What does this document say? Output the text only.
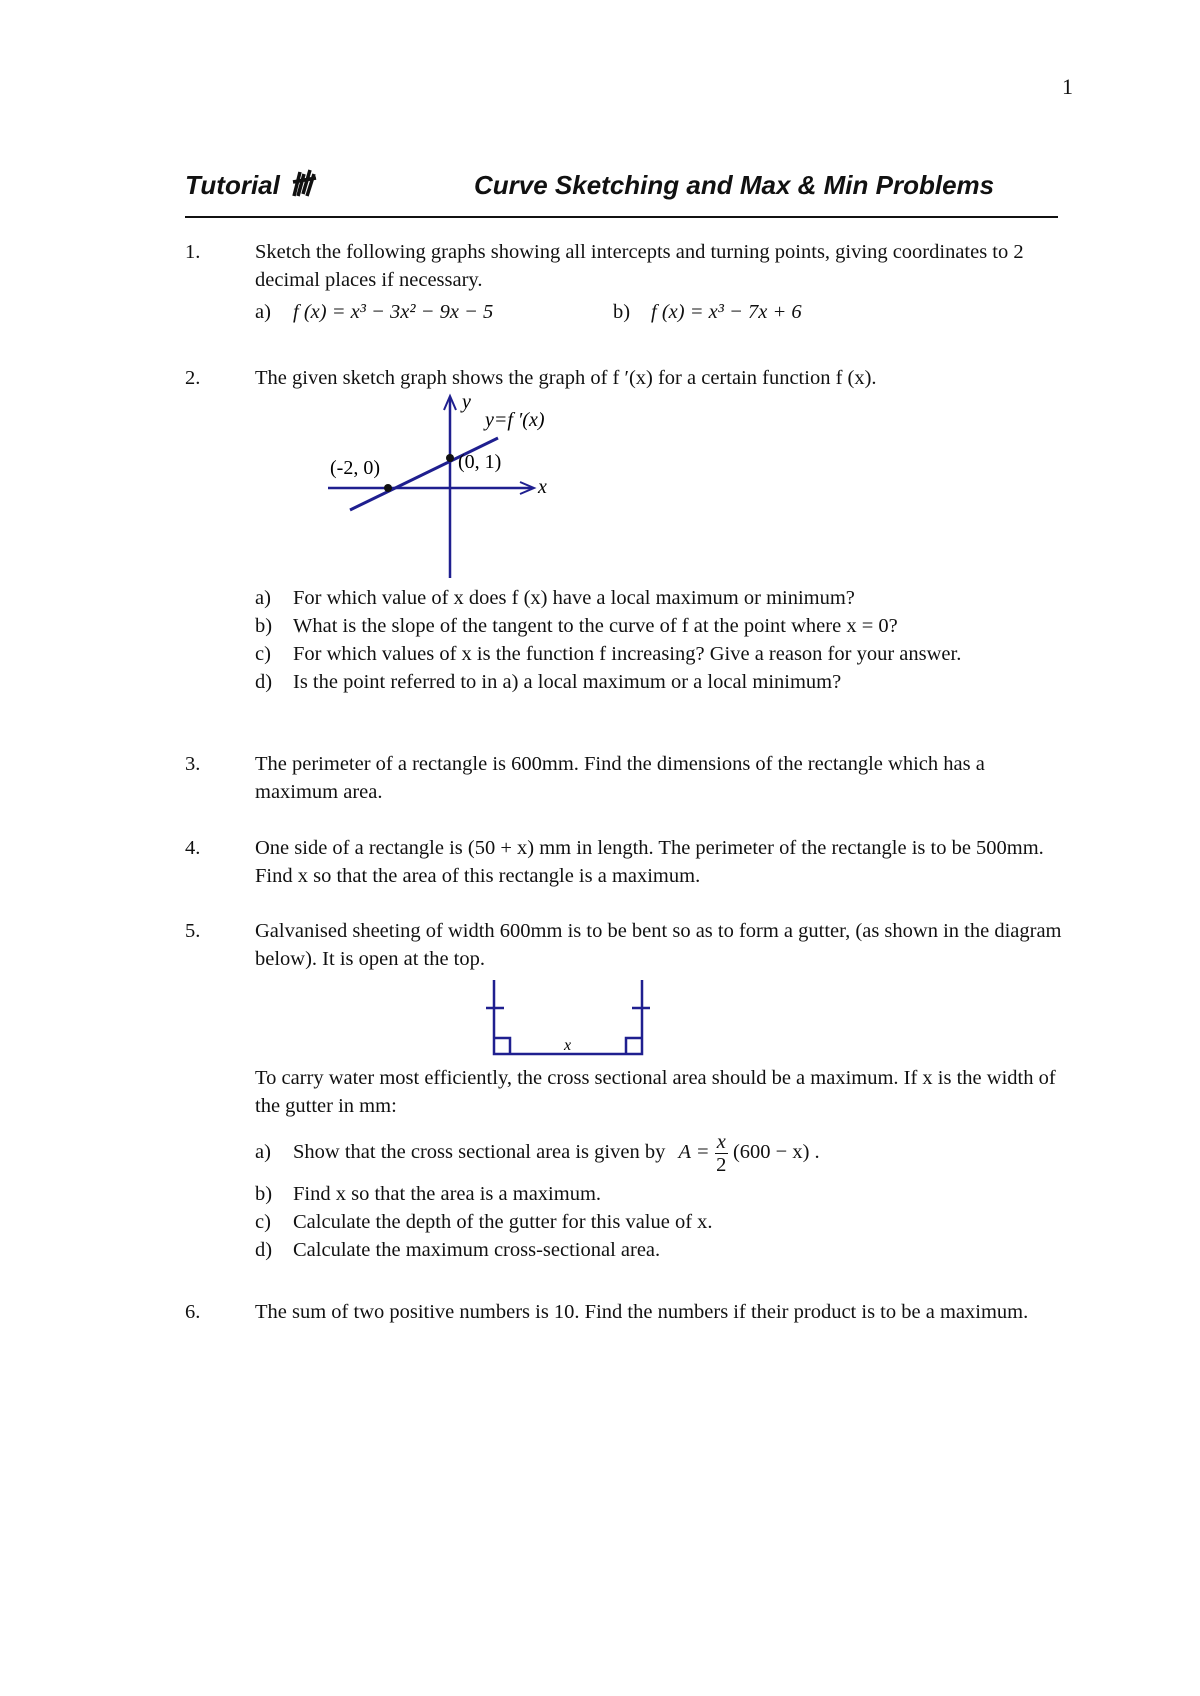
1
Tutorial	Curve Sketching and Max & Min Problems
1.	Sketch the following graphs showing all intercepts and turning points, giving coordinates to 2 decimal places if necessary.
a) f (x) = x³ − 3x² − 9x − 5	b) f (x) = x³ − 7x + 6
2.	The given sketch graph shows the graph of f ′(x) for a certain function f (x).
y
x
y=f ′(x)
(-2, 0)	(0, 1)
a) For which value of x does f (x) have a local maximum or minimum?
b) What is the slope of the tangent to the curve of f at the point where x = 0?
c) For which values of x is the function f increasing? Give a reason for your answer.
d) Is the point referred to in a) a local maximum or a local minimum?
3.	The perimeter of a rectangle is 600mm. Find the dimensions of the rectangle which has a maximum area.
4.	One side of a rectangle is (50 + x) mm in length. The perimeter of the rectangle is to be 500mm. Find x so that the area of this rectangle is a maximum.
5.	Galvanised sheeting of width 600mm is to be bent so as to form a gutter, (as shown in the diagram below). It is open at the top.
x
To carry water most efficiently, the cross sectional area should be a maximum. If x is the width of the gutter in mm:
a) Show that the cross sectional area is given by $A = \frac{x}{2} (600 - x)$ .
b) Find x so that the area is a maximum.
c) Calculate the depth of the gutter for this value of x.
d) Calculate the maximum cross-sectional area.
6.	The sum of two positive numbers is 10. Find the numbers if their product is to be a maximum.
